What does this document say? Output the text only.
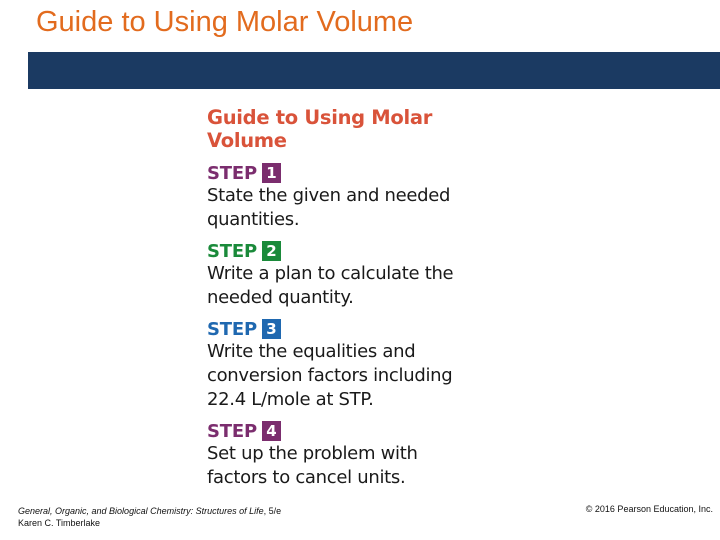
Guide to Using Molar Volume
Guide to Using Molar Volume
STEP 1
State the given and needed
quantities.
STEP 2
Write a plan to calculate the
needed quantity.
STEP 3
Write the equalities and
conversion factors including
22.4 L/mole at STP.
STEP 4
Set up the problem with
factors to cancel units.
General, Organic, and Biological Chemistry: Structures of Life, 5/e
Karen C. Timberlake
© 2016 Pearson Education, Inc.
